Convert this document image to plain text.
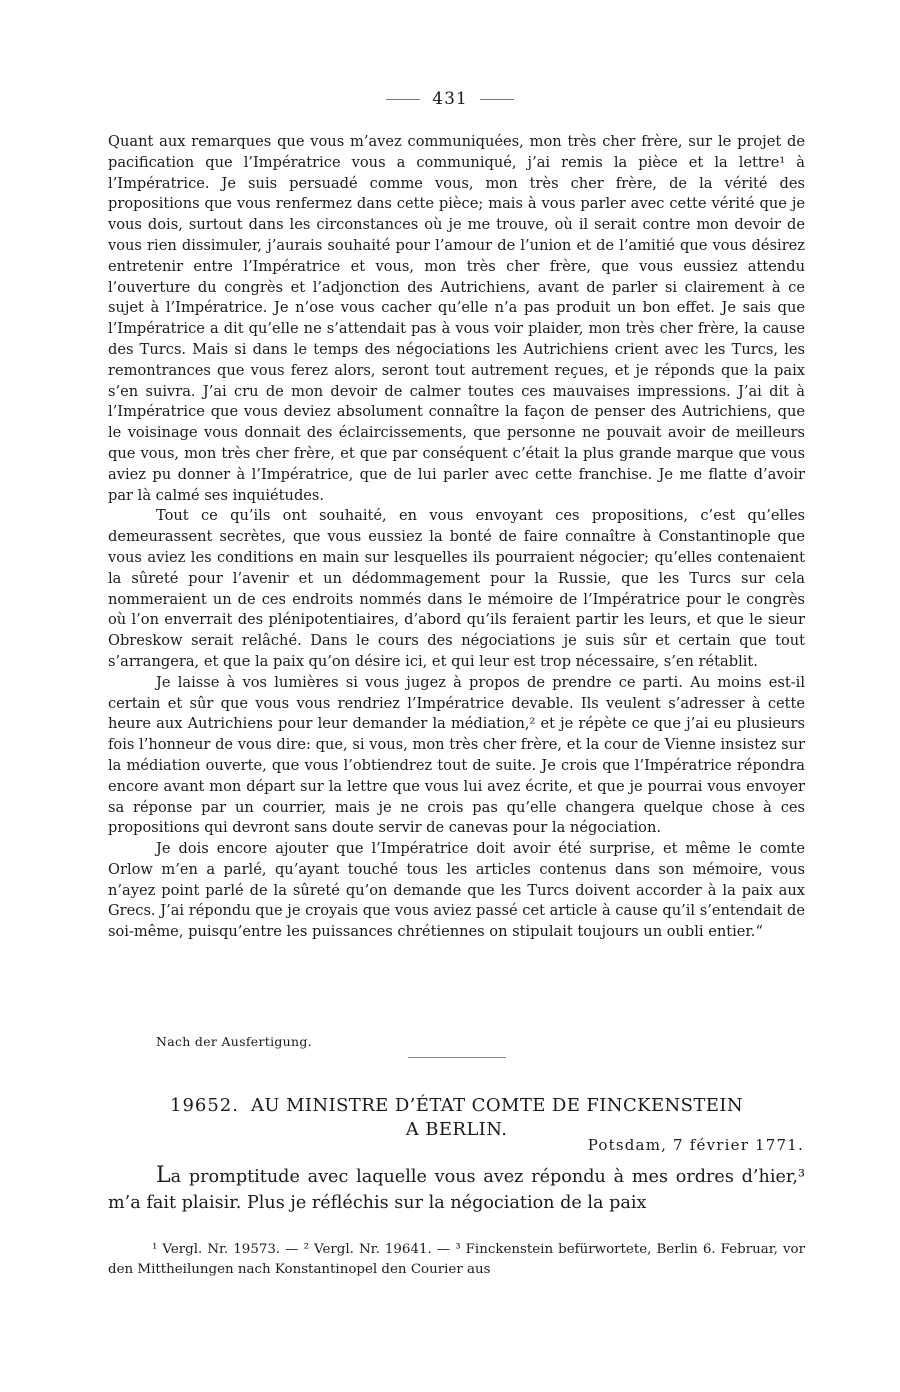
431

Quant aux remarques que vous m’avez communiquées, mon très cher frère, sur le projet de pacification que l’Impératrice vous a communiqué, j’ai remis la pièce et la lettre¹ à l’Impératrice. Je suis persuadé comme vous, mon très cher frère, de la vérité des propositions que vous renfermez dans cette pièce; mais à vous parler avec cette vérité que je vous dois, surtout dans les circonstances où je me trouve, où il serait contre mon devoir de vous rien dissimuler, j’aurais souhaité pour l’amour de l’union et de l’amitié que vous désirez entretenir entre l’Impératrice et vous, mon très cher frère, que vous eussiez attendu l’ouverture du congrès et l’adjonction des Autrichiens, avant de parler si clairement à ce sujet à l’Impératrice. Je n’ose vous cacher qu’elle n’a pas produit un bon effet. Je sais que l’Impératrice a dit qu’elle ne s’attendait pas à vous voir plaider, mon très cher frère, la cause des Turcs. Mais si dans le temps des négociations les Autrichiens crient avec les Turcs, les remontrances que vous ferez alors, seront tout autrement reçues, et je réponds que la paix s’en suivra. J’ai cru de mon devoir de calmer toutes ces mauvaises impressions. J’ai dit à l’Impératrice que vous deviez absolument connaître la façon de penser des Autrichiens, que le voisinage vous donnait des éclaircissements, que personne ne pouvait avoir de meilleurs que vous, mon très cher frère, et que par conséquent c’était la plus grande marque que vous aviez pu donner à l’Impératrice, que de lui parler avec cette franchise. Je me flatte d’avoir par là calmé ses inquiétudes.

Tout ce qu’ils ont souhaité, en vous envoyant ces propositions, c’est qu’elles demeurassent secrètes, que vous eussiez la bonté de faire connaître à Constantinople que vous aviez les conditions en main sur lesquelles ils pourraient négocier; qu’elles contenaient la sûreté pour l’avenir et un dédommagement pour la Russie, que les Turcs sur cela nommeraient un de ces endroits nommés dans le mémoire de l’Impératrice pour le congrès où l’on enverrait des plénipotentiaires, d’abord qu’ils feraient partir les leurs, et que le sieur Obreskow serait relâché. Dans le cours des négociations je suis sûr et certain que tout s’arrangera, et que la paix qu’on désire ici, et qui leur est trop nécessaire, s’en rétablit.

Je laisse à vos lumières si vous jugez à propos de prendre ce parti. Au moins est-il certain et sûr que vous vous rendriez l’Impératrice devable. Ils veulent s’adresser à cette heure aux Autrichiens pour leur demander la médiation,² et je répète ce que j’ai eu plusieurs fois l’honneur de vous dire: que, si vous, mon très cher frère, et la cour de Vienne insistez sur la médiation ouverte, que vous l’obtiendrez tout de suite. Je crois que l’Impératrice répondra encore avant mon départ sur la lettre que vous lui avez écrite, et que je pourrai vous envoyer sa réponse par un courrier, mais je ne crois pas qu’elle changera quelque chose à ces propositions qui devront sans doute servir de canevas pour la négociation.

Je dois encore ajouter que l’Impératrice doit avoir été surprise, et même le comte Orlow m’en a parlé, qu’ayant touché tous les articles contenus dans son mémoire, vous n’ayez point parlé de la sûreté qu’on demande que les Turcs doivent accorder à la paix aux Grecs. J’ai répondu que je croyais que vous aviez passé cet article à cause qu’il s’entendait de soi-même, puisqu’entre les puissances chrétiennes on stipulait toujours un oubli entier.“

Nach der Ausfertigung.
19652. AU MINISTRE D’ÉTAT COMTE DE FINCKENSTEIN
A BERLIN.
Potsdam, 7 février 1771.

La promptitude avec laquelle vous avez répondu à mes ordres d’hier,³ m’a fait plaisir. Plus je réfléchis sur la négociation de la paix

¹ Vergl. Nr. 19573. — ² Vergl. Nr. 19641. — ³ Finckenstein befürwortete, Berlin 6. Februar, vor den Mittheilungen nach Konstantinopel den Courier aus
